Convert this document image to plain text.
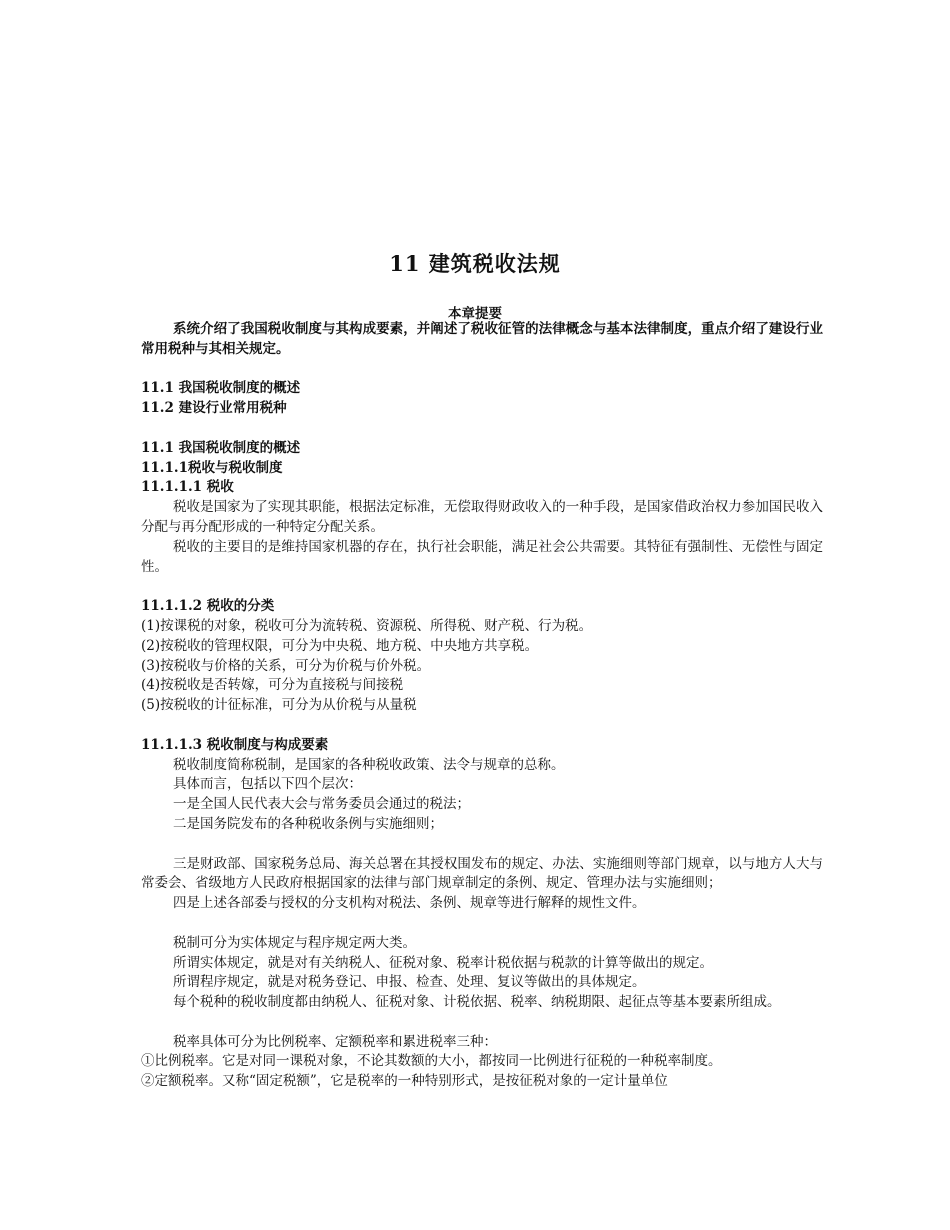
11 建筑税收法规
本章提要

系统介绍了我国税收制度与其构成要素，并阐述了税收征管的法律概念与基本法律制度，重点介绍了建设行业常用税种与其相关规定。

11.1 我国税收制度的概述

11.2 建设行业常用税种

11.1 我国税收制度的概述

11.1.1税收与税收制度

11.1.1.1 税收

税收是国家为了实现其职能，根据法定标准，无偿取得财政收入的一种手段，是国家借政治权力参加国民收入分配与再分配形成的一种特定分配关系。

税收的主要目的是维持国家机器的存在，执行社会职能，满足社会公共需要。其特征有强制性、无偿性与固定性。

11.1.1.2 税收的分类

(1)按课税的对象，税收可分为流转税、资源税、所得税、财产税、行为税。

(2)按税收的管理权限，可分为中央税、地方税、中央地方共享税。

(3)按税收与价格的关系，可分为价税与价外税。

(4)按税收是否转嫁，可分为直接税与间接税

(5)按税收的计征标准，可分为从价税与从量税

11.1.1.3 税收制度与构成要素

税收制度简称税制，是国家的各种税收政策、法令与规章的总称。

具体而言，包括以下四个层次：

一是全国人民代表大会与常务委员会通过的税法；

二是国务院发布的各种税收条例与实施细则；

三是财政部、国家税务总局、海关总署在其授权围发布的规定、办法、实施细则等部门规章，以与地方人大与常委会、省级地方人民政府根据国家的法律与部门规章制定的条例、规定、管理办法与实施细则；

四是上述各部委与授权的分支机构对税法、条例、规章等进行解释的规性文件。

税制可分为实体规定与程序规定两大类。

所谓实体规定，就是对有关纳税人、征税对象、税率计税依据与税款的计算等做出的规定。

所谓程序规定，就是对税务登记、申报、检查、处理、复议等做出的具体规定。

每个税种的税收制度都由纳税人、征税对象、计税依据、税率、纳税期限、起征点等基本要素所组成。

税率具体可分为比例税率、定额税率和累进税率三种：

①比例税率。它是对同一课税对象，不论其数额的大小，都按同一比例进行征税的一种税率制度。

②定额税率。又称“固定税额”，它是税率的一种特别形式，是按征税对象的一定计量单位
